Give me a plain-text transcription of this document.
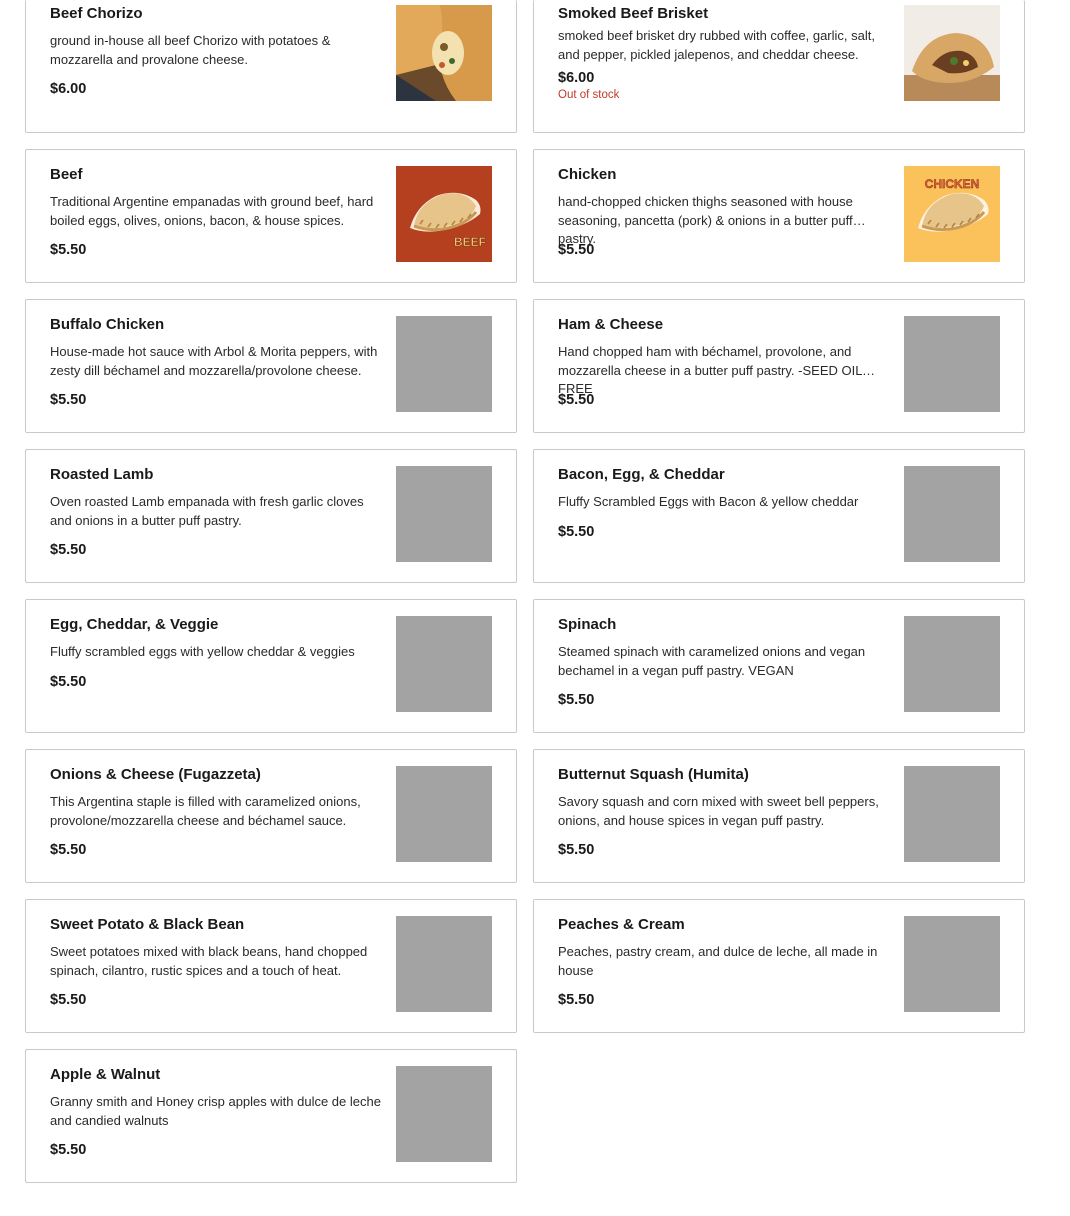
Beef Chorizo
ground in-house all beef Chorizo with potatoes & mozzarella and provalone cheese.
$6.00
Smoked Beef Brisket
smoked beef brisket dry rubbed with coffee, garlic, salt, and pepper, pickled jalepenos, and cheddar cheese.
$6.00
Out of stock
Beef
Traditional Argentine empanadas with ground beef, hard boiled eggs, olives, onions, bacon, & house spices.
$5.50	BEEF
Chicken
hand-chopped chicken thighs seasoned with house seasoning, pancetta (pork) & onions in a butter puff pastry.
$5.50
CHICKEN
Buffalo Chicken
House-made hot sauce with Arbol & Morita peppers, with zesty dill béchamel and mozzarella/provolone cheese.
$5.50
Ham & Cheese
Hand chopped ham with béchamel, provolone, and mozzarella cheese in a butter puff pastry. -SEED OIL FREE
$5.50
Roasted Lamb
Oven roasted Lamb empanada with fresh garlic cloves and onions in a butter puff pastry.
$5.50
Bacon, Egg, & Cheddar
Fluffy Scrambled Eggs with Bacon & yellow cheddar
$5.50
Egg, Cheddar, & Veggie
Fluffy scrambled eggs with yellow cheddar & veggies
$5.50
Spinach
Steamed spinach with caramelized onions and vegan bechamel in a vegan puff pastry. VEGAN
$5.50
Onions & Cheese (Fugazzeta)
This Argentina staple is filled with caramelized onions, provolone/mozzarella cheese and béchamel sauce.
$5.50
Butternut Squash (Humita)
Savory squash and corn mixed with sweet bell peppers, onions, and house spices in vegan puff pastry.
$5.50
Sweet Potato & Black Bean
Sweet potatoes mixed with black beans, hand chopped spinach, cilantro, rustic spices and a touch of heat.
$5.50
Peaches & Cream
Peaches, pastry cream, and dulce de leche, all made in house
$5.50
Apple & Walnut
Granny smith and Honey crisp apples with dulce de leche and candied walnuts
$5.50
